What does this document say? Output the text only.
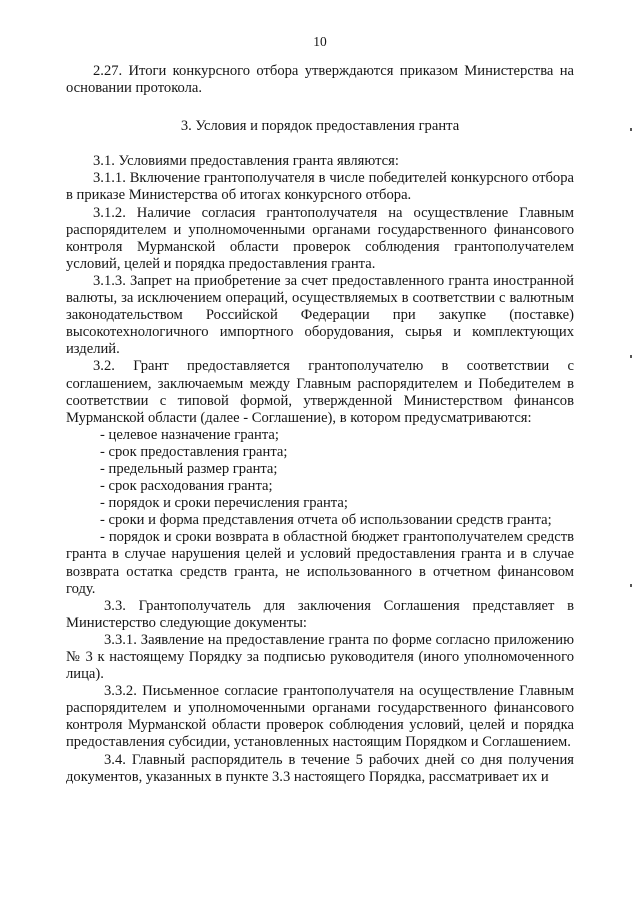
10

2.27. Итоги конкурсного отбора утверждаются приказом Министерства на основании протокола.

3. Условия и порядок предоставления гранта

3.1. Условиями предоставления гранта являются:

3.1.1. Включение грантополучателя в числе победителей конкурсного отбора в приказе Министерства об итогах конкурсного отбора.

3.1.2. Наличие согласия грантополучателя на осуществление Главным распорядителем и уполномоченными органами государственного финансового контроля Мурманской области проверок соблюдения грантополучателем условий, целей и порядка предоставления гранта.

3.1.3. Запрет на приобретение за счет предоставленного гранта иностранной валюты, за исключением операций, осуществляемых в соответствии с валютным законодательством Российской Федерации при закупке (поставке) высокотехнологичного импортного оборудования, сырья и комплектующих изделий.

3.2. Грант предоставляется грантополучателю в соответствии с соглашением, заключаемым между Главным распорядителем и Победителем в соответствии с типовой формой, утвержденной Министерством финансов Мурманской области (далее - Соглашение), в котором предусматриваются:

- целевое назначение гранта;

- срок предоставления гранта;

- предельный размер гранта;

- срок расходования гранта;

- порядок и сроки перечисления гранта;

- сроки и форма представления отчета об использовании средств гранта;

- порядок и сроки возврата в областной бюджет грантополучателем средств гранта в случае нарушения целей и условий предоставления гранта и в случае возврата остатка средств гранта, не использованного в отчетном финансовом году.

3.3. Грантополучатель для заключения Соглашения представляет в Министерство следующие документы:

3.3.1. Заявление на предоставление гранта по форме согласно приложению № 3 к настоящему Порядку за подписью руководителя (иного уполномоченного лица).

3.3.2. Письменное согласие грантополучателя на осуществление Главным распорядителем и уполномоченными органами государственного финансового контроля Мурманской области проверок соблюдения условий, целей и порядка предоставления субсидии, установленных настоящим Порядком и Соглашением.

3.4. Главный распорядитель в течение 5 рабочих дней со дня получения документов, указанных в пункте 3.3 настоящего Порядка, рассматривает их и
